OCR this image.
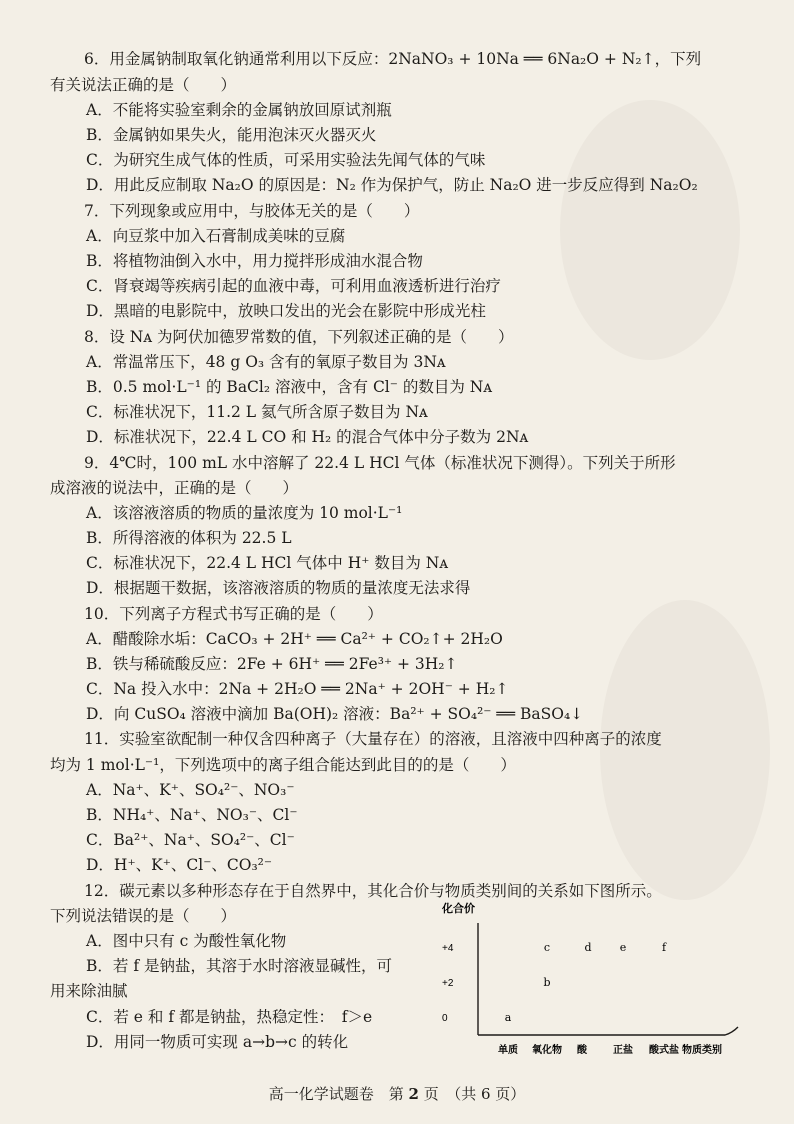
6．用金属钠制取氧化钠通常利用以下反应：2NaNO₃ + 10Na ══ 6Na₂O + N₂↑，下列
有关说法正确的是（　　）
A．不能将实验室剩余的金属钠放回原试剂瓶
B．金属钠如果失火，能用泡沫灭火器灭火
C．为研究生成气体的性质，可采用实验法先闻气体的气味
D．用此反应制取 Na₂O 的原因是：N₂ 作为保护气，防止 Na₂O 进一步反应得到 Na₂O₂
7．下列现象或应用中，与胶体无关的是（　　）
A．向豆浆中加入石膏制成美味的豆腐
B．将植物油倒入水中，用力搅拌形成油水混合物
C．肾衰竭等疾病引起的血液中毒，可利用血液透析进行治疗
D．黑暗的电影院中，放映口发出的光会在影院中形成光柱
8．设 Nᴀ 为阿伏加德罗常数的值，下列叙述正确的是（　　）
A．常温常压下，48 g O₃ 含有的氧原子数目为 3Nᴀ
B．0.5 mol·L⁻¹ 的 BaCl₂ 溶液中，含有 Cl⁻ 的数目为 Nᴀ
C．标准状况下，11.2 L 氦气所含原子数目为 Nᴀ
D．标准状况下，22.4 L CO 和 H₂ 的混合气体中分子数为 2Nᴀ
9．4℃时，100 mL 水中溶解了 22.4 L HCl 气体（标准状况下测得）。下列关于所形
成溶液的说法中，正确的是（　　）
A．该溶液溶质的物质的量浓度为 10 mol·L⁻¹
B．所得溶液的体积为 22.5 L
C．标准状况下，22.4 L HCl 气体中 H⁺ 数目为 Nᴀ
D．根据题干数据，该溶液溶质的物质的量浓度无法求得
10．下列离子方程式书写正确的是（　　）
A．醋酸除水垢：CaCO₃ + 2H⁺ ══ Ca²⁺ + CO₂↑+ 2H₂O
B．铁与稀硫酸反应：2Fe + 6H⁺ ══ 2Fe³⁺ + 3H₂↑
C．Na 投入水中：2Na + 2H₂O ══ 2Na⁺ + 2OH⁻ + H₂↑
D．向 CuSO₄ 溶液中滴加 Ba(OH)₂ 溶液：Ba²⁺ + SO₄²⁻ ══ BaSO₄↓
11．实验室欲配制一种仅含四种离子（大量存在）的溶液，且溶液中四种离子的浓度
均为 1 mol·L⁻¹，下列选项中的离子组合能达到此目的的是（　　）
A．Na⁺、K⁺、SO₄²⁻、NO₃⁻
B．NH₄⁺、Na⁺、NO₃⁻、Cl⁻
C．Ba²⁺、Na⁺、SO₄²⁻、Cl⁻
D．H⁺、K⁺、Cl⁻、CO₃²⁻
12．碳元素以多种形态存在于自然界中，其化合价与物质类别间的关系如下图所示。
下列说法错误的是（　　）
A．图中只有 c 为酸性氧化物
B．若 f 是钠盐，其溶于水时溶液显碱性，可
用来除油腻
C．若 e 和 f 都是钠盐，热稳定性：　f＞e
D．用同一物质可实现 a→b→c 的转化
化合价
+4
+2
0
单质 氧化物 酸	正盐 酸式盐
a
b
c	d	e	f
物质类别
高一化学试题卷　第 2 页　（共 6 页）
